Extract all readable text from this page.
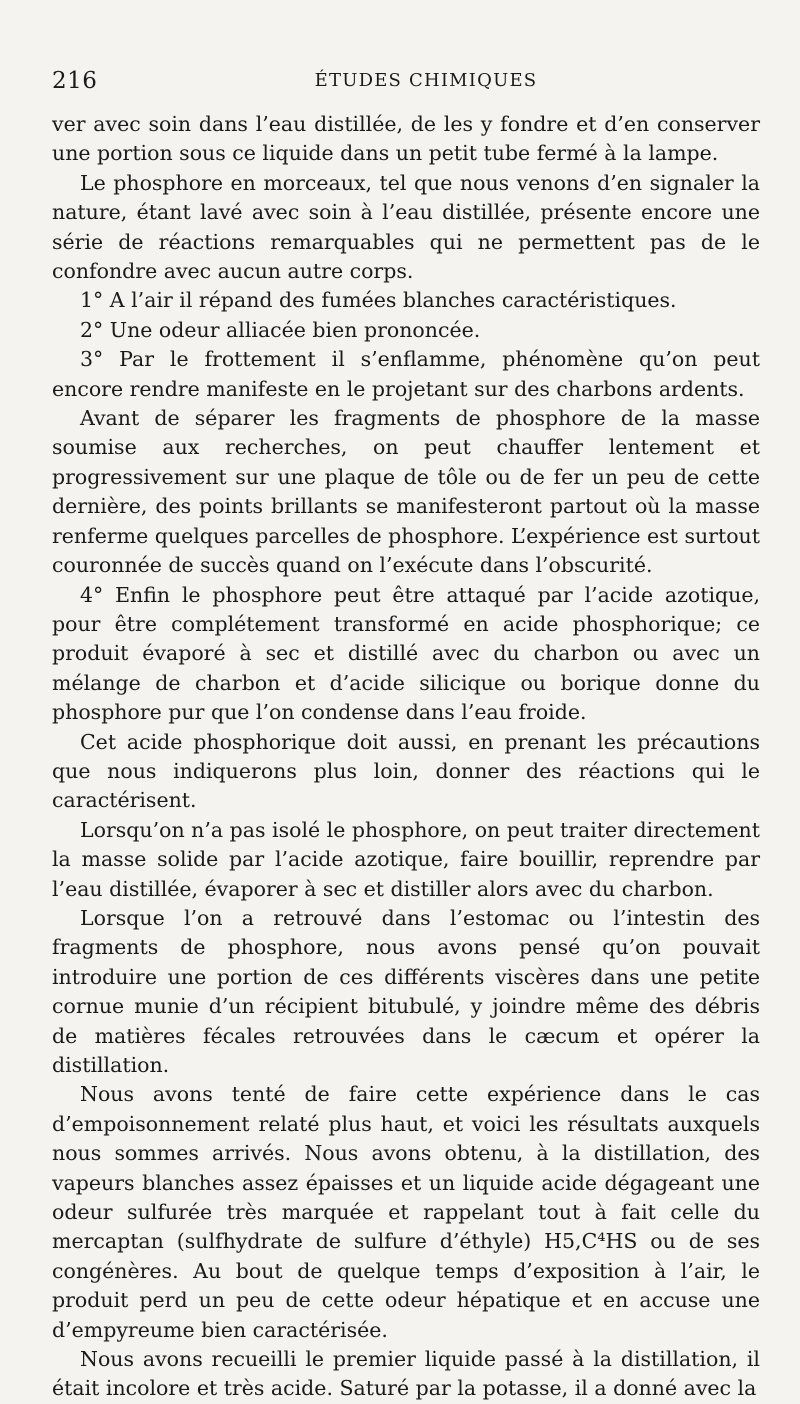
216	ÉTUDES CHIMIQUES

ver avec soin dans l’eau distillée, de les y fondre et d’en conserver une portion sous ce liquide dans un petit tube fermé à la lampe.

Le phosphore en morceaux, tel que nous venons d’en signaler la nature, étant lavé avec soin à l’eau distillée, présente encore une série de réactions remarquables qui ne permettent pas de le confondre avec aucun autre corps.

1° A l’air il répand des fumées blanches caractéristiques.

2° Une odeur alliacée bien prononcée.

3° Par le frottement il s’enflamme, phénomène qu’on peut encore rendre manifeste en le projetant sur des charbons ardents.

Avant de séparer les fragments de phosphore de la masse soumise aux recherches, on peut chauffer lentement et progressivement sur une plaque de tôle ou de fer un peu de cette dernière, des points brillants se manifesteront partout où la masse renferme quelques parcelles de phosphore. L’expérience est surtout couronnée de succès quand on l’exécute dans l’obscurité.

4° Enfin le phosphore peut être attaqué par l’acide azotique, pour être complétement transformé en acide phosphorique; ce produit évaporé à sec et distillé avec du charbon ou avec un mélange de charbon et d’acide silicique ou borique donne du phosphore pur que l’on condense dans l’eau froide.

Cet acide phosphorique doit aussi, en prenant les précautions que nous indiquerons plus loin, donner des réactions qui le caractérisent.

Lorsqu’on n’a pas isolé le phosphore, on peut traiter directement la masse solide par l’acide azotique, faire bouillir, reprendre par l’eau distillée, évaporer à sec et distiller alors avec du charbon.

Lorsque l’on a retrouvé dans l’estomac ou l’intestin des fragments de phosphore, nous avons pensé qu’on pouvait introduire une portion de ces différents viscères dans une petite cornue munie d’un récipient bitubulé, y joindre même des débris de matières fécales retrouvées dans le cæcum et opérer la distillation.

Nous avons tenté de faire cette expérience dans le cas d’empoisonnement relaté plus haut, et voici les résultats auxquels nous sommes arrivés. Nous avons obtenu, à la distillation, des vapeurs blanches assez épaisses et un liquide acide dégageant une odeur sulfurée très marquée et rappelant tout à fait celle du mercaptan (sulfhydrate de sulfure d’éthyle) H5,C⁴HS ou de ses congénères. Au bout de quelque temps d’exposition à l’air, le produit perd un peu de cette odeur hépatique et en accuse une d’empyreume bien caractérisée.

Nous avons recueilli le premier liquide passé à la distillation, il était incolore et très acide. Saturé par la potasse, il a donné avec la
